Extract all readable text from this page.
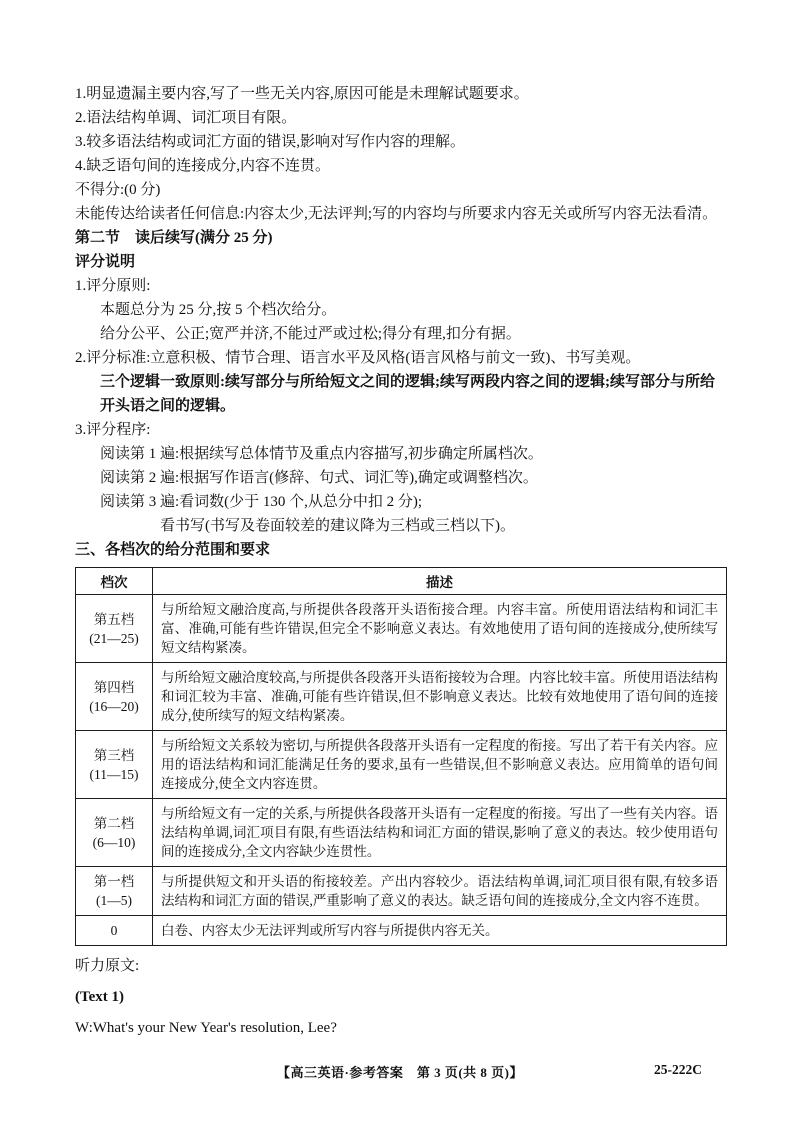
1.明显遗漏主要内容,写了一些无关内容,原因可能是未理解试题要求。

2.语法结构单调、词汇项目有限。

3.较多语法结构或词汇方面的错误,影响对写作内容的理解。

4.缺乏语句间的连接成分,内容不连贯。

不得分:(0 分)

未能传达给读者任何信息:内容太少,无法评判;写的内容均与所要求内容无关或所写内容无法看清。

第二节　读后续写(满分 25 分)

评分说明

1.评分原则:

本题总分为 25 分,按 5 个档次给分。

给分公平、公正;宽严并济,不能过严或过松;得分有理,扣分有据。

2.评分标准:立意积极、情节合理、语言水平及风格(语言风格与前文一致)、书写美观。

三个逻辑一致原则:续写部分与所给短文之间的逻辑;续写两段内容之间的逻辑;续写部分与所给开头语之间的逻辑。

3.评分程序:

阅读第 1 遍:根据续写总体情节及重点内容描写,初步确定所属档次。

阅读第 2 遍:根据写作语言(修辞、句式、词汇等),确定或调整档次。

阅读第 3 遍:看词数(少于 130 个,从总分中扣 2 分);

看书写(书写及卷面较差的建议降为三档或三档以下)。

三、各档次的给分范围和要求

档次	描述

第五档
(21—25)	与所给短文融洽度高,与所提供各段落开头语衔接合理。内容丰富。所使用语法结构和词汇丰富、准确,可能有些许错误,但完全不影响意义表达。有效地使用了语句间的连接成分,使所续写短文结构紧凑。

第四档
(16—20)	与所给短文融洽度较高,与所提供各段落开头语衔接较为合理。内容比较丰富。所使用语法结构和词汇较为丰富、准确,可能有些许错误,但不影响意义表达。比较有效地使用了语句间的连接成分,使所续写的短文结构紧凑。

第三档
(11—15)	与所给短文关系较为密切,与所提供各段落开头语有一定程度的衔接。写出了若干有关内容。应用的语法结构和词汇能满足任务的要求,虽有一些错误,但不影响意义表达。应用简单的语句间连接成分,使全文内容连贯。

第二档
(6—10)	与所给短文有一定的关系,与所提供各段落开头语有一定程度的衔接。写出了一些有关内容。语法结构单调,词汇项目有限,有些语法结构和词汇方面的错误,影响了意义的表达。较少使用语句间的连接成分,全文内容缺少连贯性。

第一档
(1—5)	与所提供短文和开头语的衔接较差。产出内容较少。语法结构单调,词汇项目很有限,有较多语法结构和词汇方面的错误,严重影响了意义的表达。缺乏语句间的连接成分,全文内容不连贯。

0	白卷、内容太少无法评判或所写内容与所提供内容无关。

听力原文:

(Text 1)

W:What's your New Year's resolution, Lee?

【高三英语·参考答案　第 3 页(共 8 页)】	25-222C
